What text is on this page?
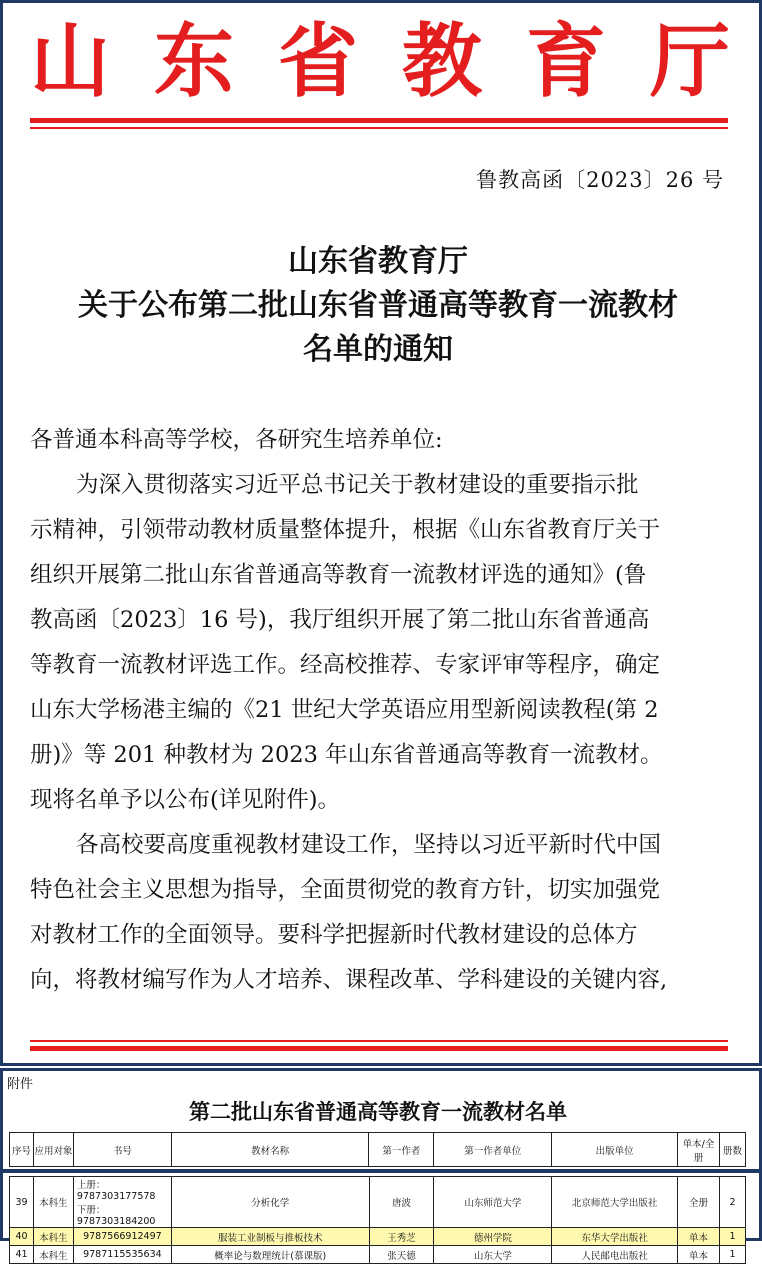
山 东 省 教 育 厅
鲁教高函〔2023〕26 号
山东省教育厅
关于公布第二批山东省普通高等教育一流教材
名单的通知
各普通本科高等学校，各研究生培养单位:
为深入贯彻落实习近平总书记关于教材建设的重要指示批
示精神，引领带动教材质量整体提升，根据《山东省教育厅关于
组织开展第二批山东省普通高等教育一流教材评选的通知》(鲁
教高函〔2023〕16 号)，我厅组织开展了第二批山东省普通高
等教育一流教材评选工作。经高校推荐、专家评审等程序，确定
山东大学杨港主编的《21 世纪大学英语应用型新阅读教程(第 2
册)》等 201 种教材为 2023 年山东省普通高等教育一流教材。
现将名单予以公布(详见附件)。
各高校要高度重视教材建设工作，坚持以习近平新时代中国
特色社会主义思想为指导，全面贯彻党的教育方针，切实加强党
对教材工作的全面领导。要科学把握新时代教材建设的总体方
向，将教材编写作为人才培养、课程改革、学科建设的关键内容,
附件
第二批山东省普通高等教育一流教材名单
序号	应用对象	书号	教材名称	第一作者	第一作者单位	出版单位	单本/全册	册数
39	本科生	上册：9787303177578
下册：9787303184200	分析化学	唐波	山东师范大学	北京师范大学出版社	全册	2
40	本科生	9787566912497	服装工业制板与推板技术	王秀芝	德州学院	东华大学出版社	单本	1
41	本科生	9787115535634	概率论与数理统计(慕课版)	张天德	山东大学	人民邮电出版社	单本	1
